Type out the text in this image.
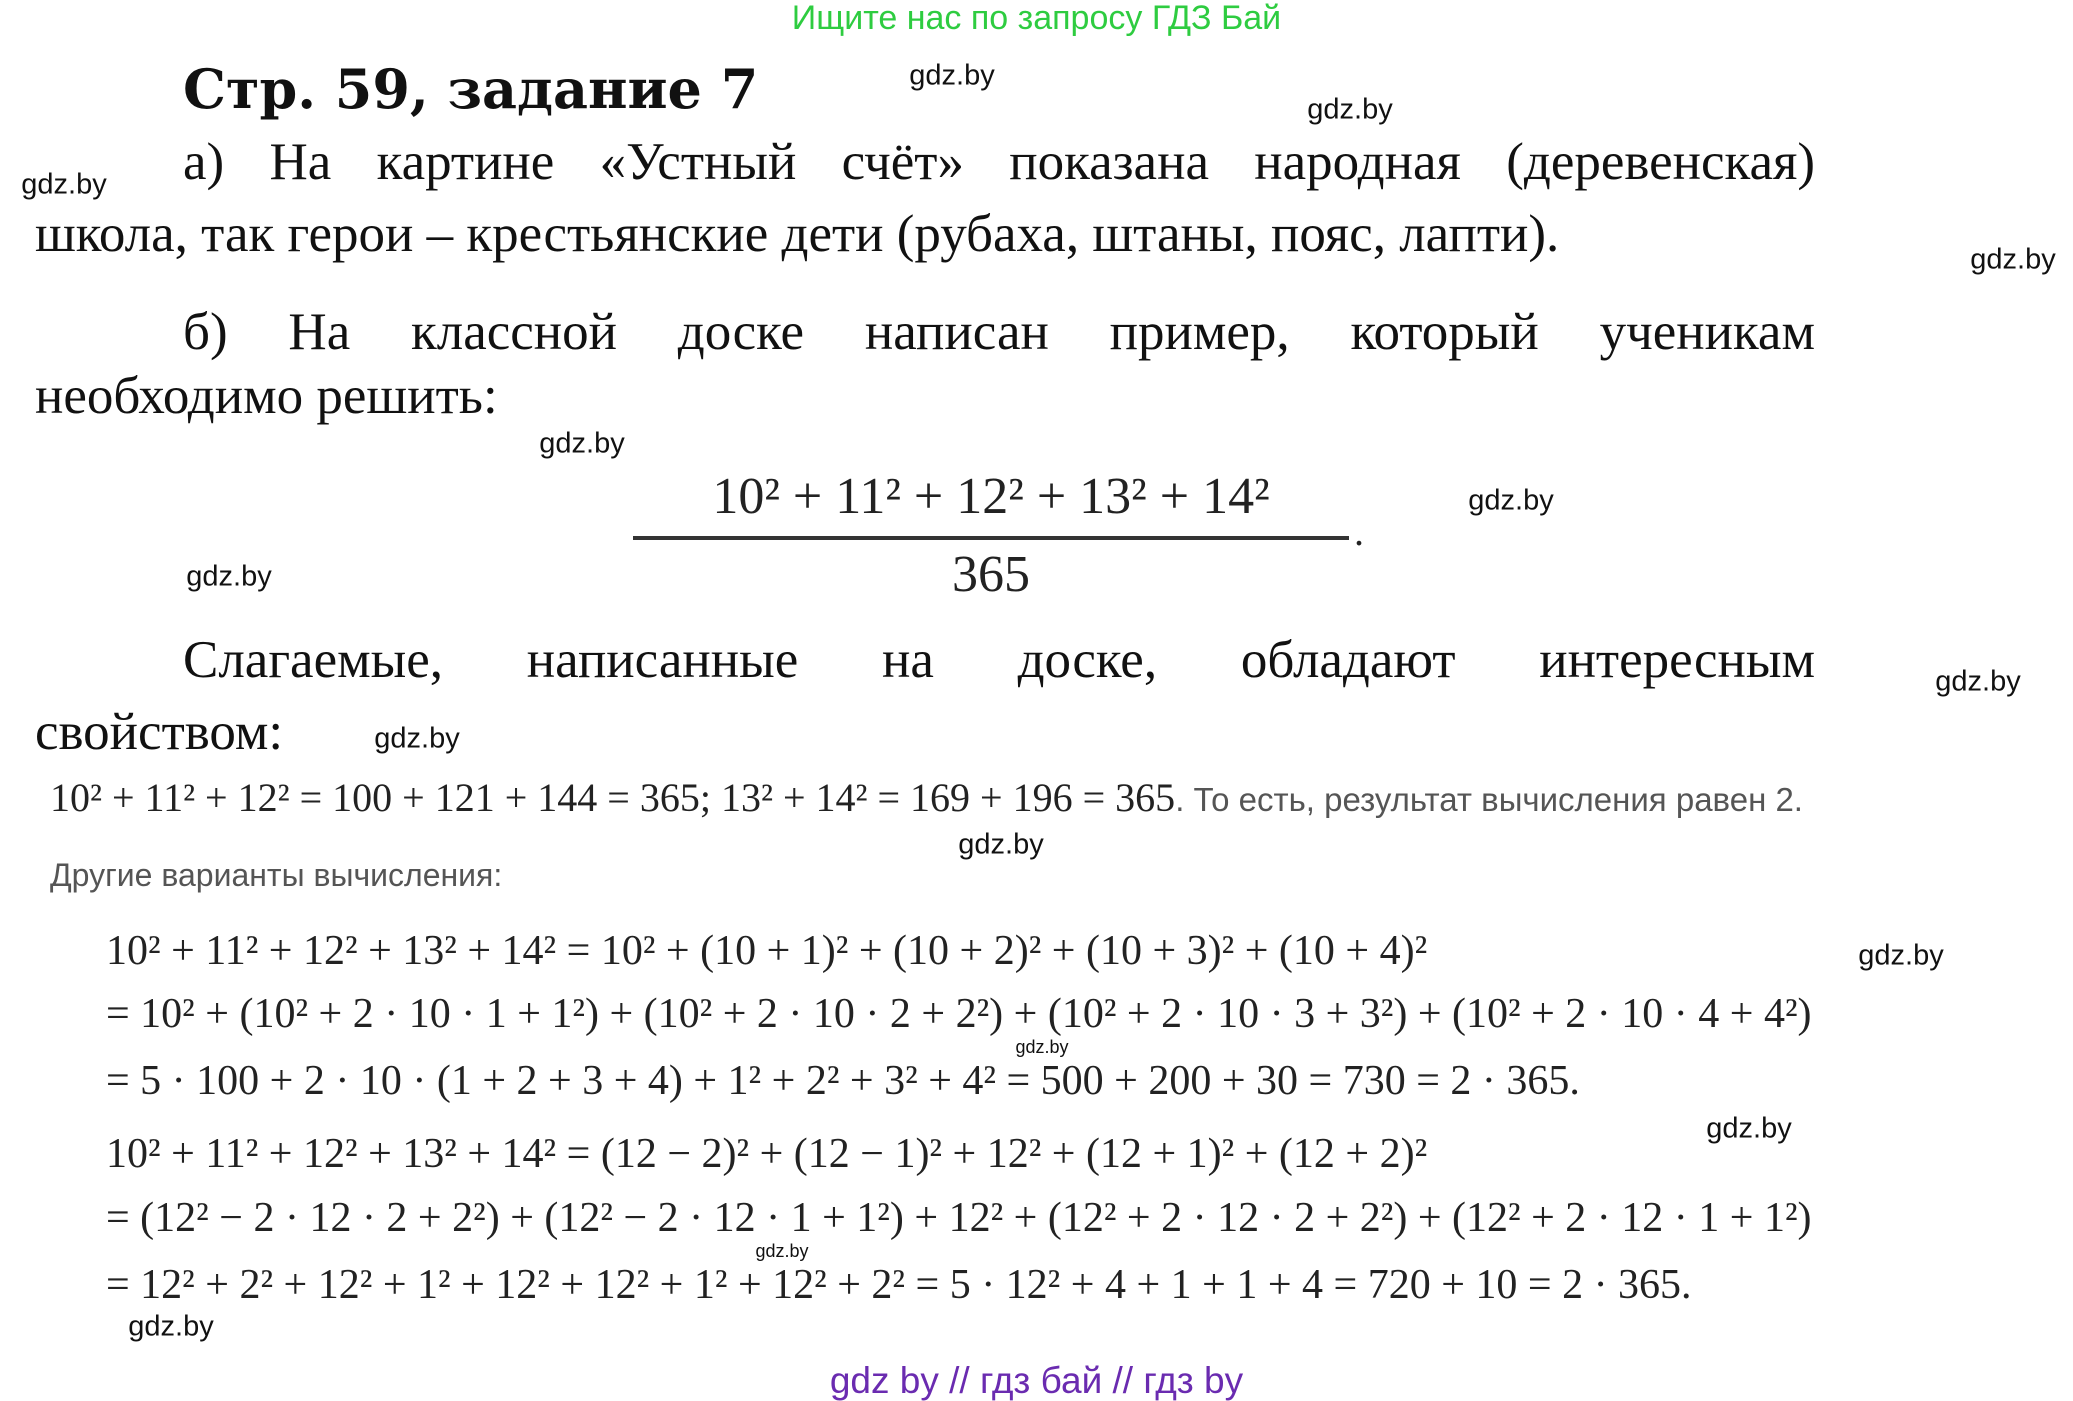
Ищите нас по запросу ГДЗ Бай
Стр. 59, задание 7
а) На картине «Устный счёт» показана народная (деревенская)
школа, так герои – крестьянские дети (рубаха, штаны, пояс, лапти).
б) На классной доске написан пример, который ученикам
необходимо решить:
10² + 11² + 12² + 13² + 14²
.
365
Слагаемые, написанные на доске, обладают интересным
свойством:
10² + 11² + 12² = 100 + 121 + 144 = 365; 13² + 14² = 169 + 196 = 365. То есть, результат вычисления равен 2.
Другие варианты вычисления:
10² + 11² + 12² + 13² + 14² = 10² + (10 + 1)² + (10 + 2)² + (10 + 3)² + (10 + 4)²
= 10² + (10² + 2 · 10 · 1 + 1²) + (10² + 2 · 10 · 2 + 2²) + (10² + 2 · 10 · 3 + 3²) + (10² + 2 · 10 · 4 + 4²)
= 5 · 100 + 2 · 10 · (1 + 2 + 3 + 4) + 1² + 2² + 3² + 4² = 500 + 200 + 30 = 730 = 2 · 365.
10² + 11² + 12² + 13² + 14² = (12 − 2)² + (12 − 1)² + 12² + (12 + 1)² + (12 + 2)²
= (12² − 2 · 12 · 2 + 2²) + (12² − 2 · 12 · 1 + 1²) + 12² + (12² + 2 · 12 · 2 + 2²) + (12² + 2 · 12 · 1 + 1²)
= 12² + 2² + 12² + 1² + 12² + 12² + 1² + 12² + 2² = 5 · 12² + 4 + 1 + 1 + 4 = 720 + 10 = 2 · 365.
gdz.by
gdz.by
gdz.by
gdz.by
gdz.by
gdz.by
gdz.by
gdz.by
gdz.by
gdz.by
gdz.by
gdz.by
gdz.by
gdz.by
gdz.by
gdz by // гдз бай // гдз by
